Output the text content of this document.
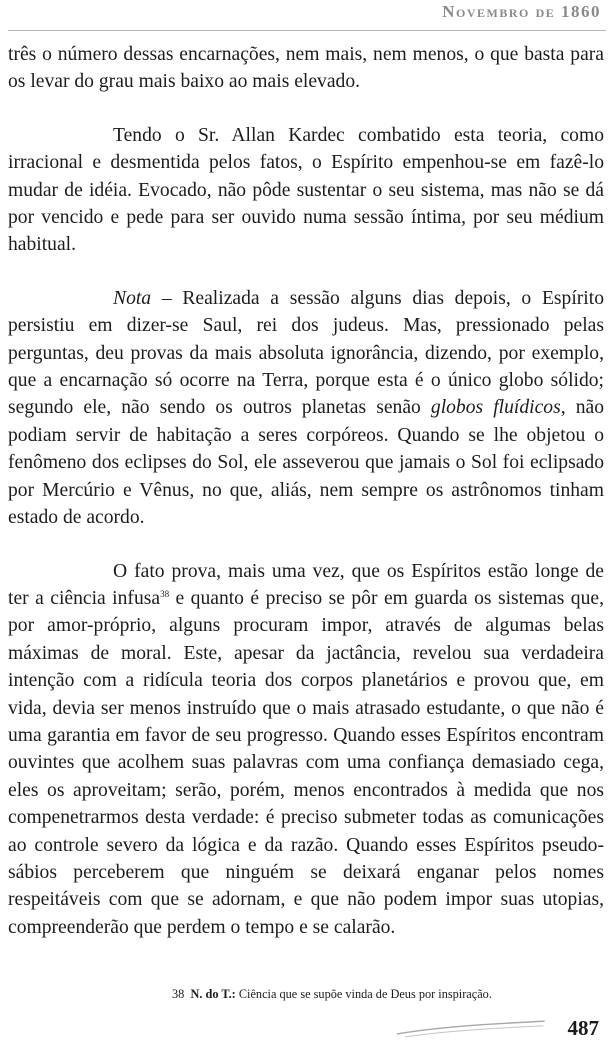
Novembro de 1860

três o número dessas encarnações, nem mais, nem menos, o que basta para os levar do grau mais baixo ao mais elevado.

Tendo o Sr. Allan Kardec combatido esta teoria, como irracional e desmentida pelos fatos, o Espírito empenhou-se em fazê-lo mudar de idéia. Evocado, não pôde sustentar o seu sistema, mas não se dá por vencido e pede para ser ouvido numa sessão íntima, por seu médium habitual.

Nota – Realizada a sessão alguns dias depois, o Espírito persistiu em dizer-se Saul, rei dos judeus. Mas, pressionado pelas perguntas, deu provas da mais absoluta ignorância, dizendo, por exemplo, que a encarnação só ocorre na Terra, porque esta é o único globo sólido; segundo ele, não sendo os outros planetas senão globos fluídicos, não podiam servir de habitação a seres corpóreos. Quando se lhe objetou o fenômeno dos eclipses do Sol, ele asseverou que jamais o Sol foi eclipsado por Mercúrio e Vênus, no que, aliás, nem sempre os astrônomos tinham estado de acordo.

O fato prova, mais uma vez, que os Espíritos estão longe de ter a ciência infusa$^{38}$ e quanto é preciso se pôr em guarda os sistemas que, por amor-próprio, alguns procuram impor, através de algumas belas máximas de moral. Este, apesar da jactância, revelou sua verdadeira intenção com a ridícula teoria dos corpos planetários e provou que, em vida, devia ser menos instruído que o mais atrasado estudante, o que não é uma garantia em favor de seu progresso. Quando esses Espíritos encontram ouvintes que acolhem suas palavras com uma confiança demasiado cega, eles os aproveitam; serão, porém, menos encontrados à medida que nos compenetrarmos desta verdade: é preciso submeter todas as comunicações ao controle severo da lógica e da razão. Quando esses Espíritos pseudo-sábios perceberem que ninguém se deixará enganar pelos nomes respeitáveis com que se adornam, e que não podem impor suas utopias, compreenderão que perdem o tempo e se calarão.

38 N. do T.: Ciência que se supõe vinda de Deus por inspiração.
487
